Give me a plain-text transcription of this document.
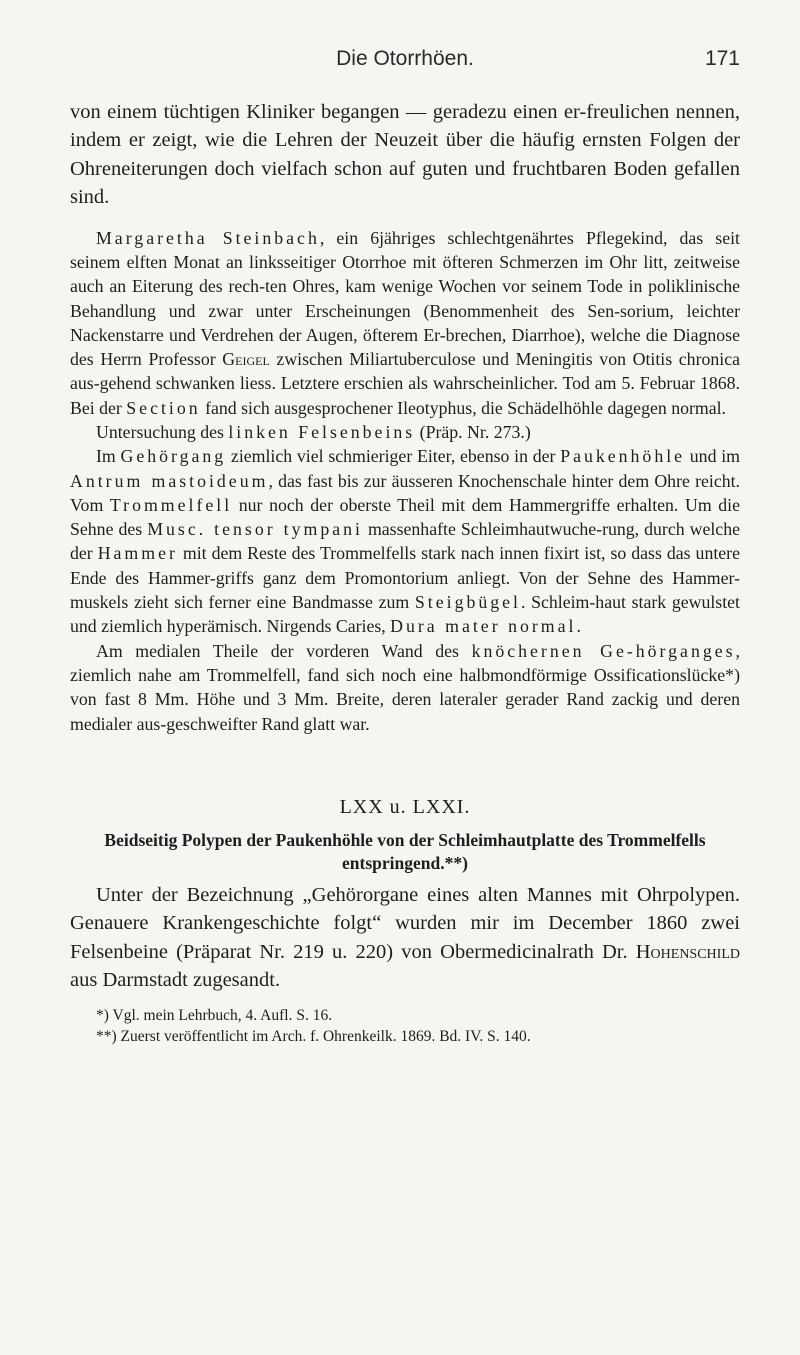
Die Otorrhöen.	171

von einem tüchtigen Kliniker begangen — geradezu einen er-freulichen nennen, indem er zeigt, wie die Lehren der Neuzeit über die häufig ernsten Folgen der Ohreneiterungen doch vielfach schon auf guten und fruchtbaren Boden gefallen sind.

Margaretha Steinbach, ein 6jähriges schlechtgenährtes Pflegekind, das seit seinem elften Monat an linksseitiger Otorrhoe mit öfteren Schmerzen im Ohr litt, zeitweise auch an Eiterung des rech-ten Ohres, kam wenige Wochen vor seinem Tode in poliklinische Behandlung und zwar unter Erscheinungen (Benommenheit des Sen-sorium, leichter Nackenstarre und Verdrehen der Augen, öfterem Er-brechen, Diarrhoe), welche die Diagnose des Herrn Professor Geigel zwischen Miliartuberculose und Meningitis von Otitis chronica aus-gehend schwanken liess. Letztere erschien als wahrscheinlicher. Tod am 5. Februar 1868. Bei der Section fand sich ausgesprochener Ileotyphus, die Schädelhöhle dagegen normal.

Untersuchung des linken Felsenbeins (Präp. Nr. 273.)

Im Gehörgang ziemlich viel schmieriger Eiter, ebenso in der Paukenhöhle und im Antrum mastoideum, das fast bis zur äusseren Knochenschale hinter dem Ohre reicht. Vom Trommelfell nur noch der oberste Theil mit dem Hammergriffe erhalten. Um die Sehne des Musc. tensor tympani massenhafte Schleimhautwuche-rung, durch welche der Hammer mit dem Reste des Trommelfells stark nach innen fixirt ist, so dass das untere Ende des Hammer-griffs ganz dem Promontorium anliegt. Von der Sehne des Hammer-muskels zieht sich ferner eine Bandmasse zum Steigbügel. Schleim-haut stark gewulstet und ziemlich hyperämisch. Nirgends Caries, Dura mater normal.

Am medialen Theile der vorderen Wand des knöchernen Ge-hörganges, ziemlich nahe am Trommelfell, fand sich noch eine halbmondförmige Ossificationslücke*) von fast 8 Mm. Höhe und 3 Mm. Breite, deren lateraler gerader Rand zackig und deren medialer aus-geschweifter Rand glatt war.

LXX u. LXXI.

Beidseitig Polypen der Paukenhöhle von der Schleimhautplatte des Trommelfells entspringend.**)

Unter der Bezeichnung „Gehörorgane eines alten Mannes mit Ohrpolypen. Genauere Krankengeschichte folgt“ wurden mir im December 1860 zwei Felsenbeine (Präparat Nr. 219 u. 220) von Obermedicinalrath Dr. Hohenschild aus Darmstadt zugesandt.

*) Vgl. mein Lehrbuch, 4. Aufl. S. 16.
**) Zuerst veröffentlicht im Arch. f. Ohrenkeilk. 1869. Bd. IV. S. 140.
